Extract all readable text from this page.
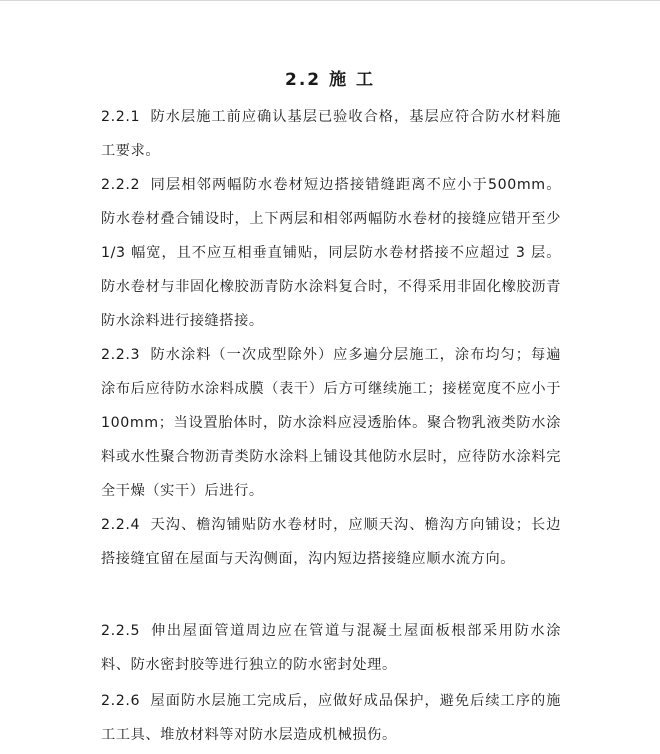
2.2 施 工
2.2.1 防水层施工前应确认基层已验收合格，基层应符合防水材料施工要求。
2.2.2 同层相邻两幅防水卷材短边搭接错缝距离不应小于500mm。防水卷材叠合铺设时，上下两层和相邻两幅防水卷材的接缝应错开至少 1/3 幅宽，且不应互相垂直铺贴，同层防水卷材搭接不应超过 3 层。防水卷材与非固化橡胶沥青防水涂料复合时，不得采用非固化橡胶沥青防水涂料进行接缝搭接。
2.2.3 防水涂料（一次成型除外）应多遍分层施工，涂布均匀；每遍涂布后应待防水涂料成膜（表干）后方可继续施工；接槎宽度不应小于 100mm；当设置胎体时，防水涂料应浸透胎体。聚合物乳液类防水涂料或水性聚合物沥青类防水涂料上铺设其他防水层时，应待防水涂料完全干燥（实干）后进行。
2.2.4 天沟、檐沟铺贴防水卷材时，应顺天沟、檐沟方向铺设；长边搭接缝宜留在屋面与天沟侧面，沟内短边搭接缝应顺水流方向。
2.2.5 伸出屋面管道周边应在管道与混凝土屋面板根部采用防水涂料、防水密封胶等进行独立的防水密封处理。
2.2.6 屋面防水层施工完成后，应做好成品保护，避免后续工序的施工工具、堆放材料等对防水层造成机械损伤。
